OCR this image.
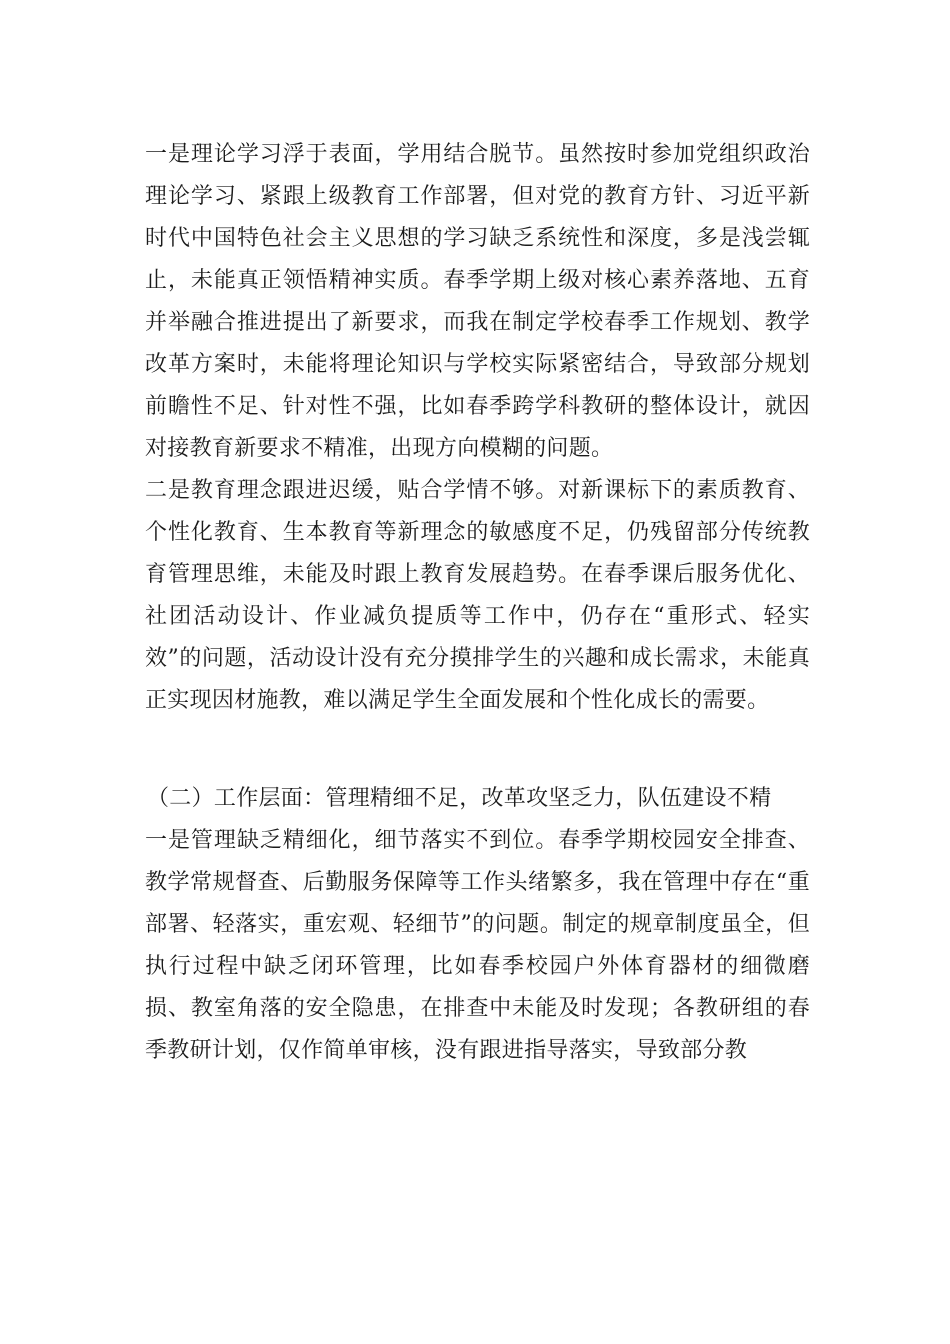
一是理论学习浮于表面，学用结合脱节。虽然按时参加党组织政治理论学习、紧跟上级教育工作部署，但对党的教育方针、习近平新时代中国特色社会主义思想的学习缺乏系统性和深度，多是浅尝辄止，未能真正领悟精神实质。春季学期上级对核心素养落地、五育并举融合推进提出了新要求，而我在制定学校春季工作规划、教学改革方案时，未能将理论知识与学校实际紧密结合，导致部分规划前瞻性不足、针对性不强，比如春季跨学科教研的整体设计，就因对接教育新要求不精准，出现方向模糊的问题。

二是教育理念跟进迟缓，贴合学情不够。对新课标下的素质教育、个性化教育、生本教育等新理念的敏感度不足，仍残留部分传统教育管理思维，未能及时跟上教育发展趋势。在春季课后服务优化、社团活动设计、作业减负提质等工作中，仍存在“重形式、轻实效”的问题，活动设计没有充分摸排学生的兴趣和成长需求，未能真正实现因材施教，难以满足学生全面发展和个性化成长的需要。

（二）工作层面：管理精细不足，改革攻坚乏力，队伍建设不精

一是管理缺乏精细化，细节落实不到位。春季学期校园安全排查、教学常规督查、后勤服务保障等工作头绪繁多，我在管理中存在“重部署、轻落实，重宏观、轻细节”的问题。制定的规章制度虽全，但执行过程中缺乏闭环管理，比如春季校园户外体育器材的细微磨损、教室角落的安全隐患，在排查中未能及时发现；各教研组的春季教研计划，仅作简单审核，没有跟进指导落实，导致部分教
